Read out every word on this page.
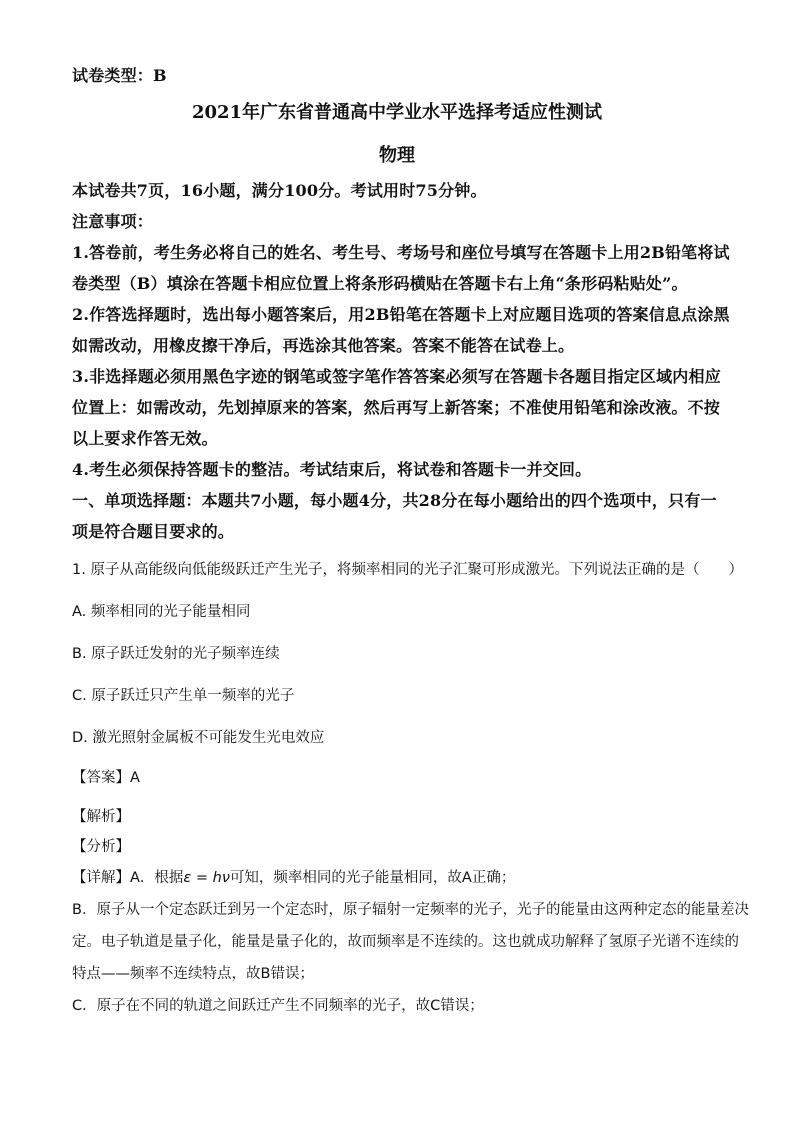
试卷类型：B
2021年广东省普通高中学业水平选择考适应性测试
物理
本试卷共7页，16小题，满分100分。考试用时75分钟。
注意事项：
1.答卷前，考生务必将自己的姓名、考生号、考场号和座位号填写在答题卡上用2B铅笔将试
卷类型（B）填涂在答题卡相应位置上将条形码横贴在答题卡右上角“条形码粘贴处”。
2.作答选择题时，选出每小题答案后，用2B铅笔在答题卡上对应题目选项的答案信息点涂黑
如需改动，用橡皮擦干净后，再选涂其他答案。答案不能答在试卷上。
3.非选择题必须用黑色字迹的钢笔或签字笔作答答案必须写在答题卡各题目指定区域内相应
位置上：如需改动，先划掉原来的答案，然后再写上新答案；不准使用铅笔和涂改液。不按
以上要求作答无效。
4.考生必须保持答题卡的整洁。考试结束后，将试卷和答题卡一并交回。
一、单项选择题：本题共7小题，每小题4分，共28分在每小题给出的四个选项中，只有一
项是符合题目要求的。
1. 原子从高能级向低能级跃迁产生光子，将频率相同的光子汇聚可形成激光。下列说法正确的是（　　）
A. 频率相同的光子能量相同
B. 原子跃迁发射的光子频率连续
C. 原子跃迁只产生单一频率的光子
D. 激光照射金属板不可能发生光电效应
【答案】A
【解析】
【分析】
【详解】A．根据ε = hν可知，频率相同的光子能量相同，故A正确；
B．原子从一个定态跃迁到另一个定态时，原子辐射一定频率的光子，光子的能量由这两种定态的能量差决
定。电子轨道是量子化，能量是量子化的，故而频率是不连续的。这也就成功解释了氢原子光谱不连续的
特点——频率不连续特点，故B错误；
C．原子在不同的轨道之间跃迁产生不同频率的光子，故C错误；
